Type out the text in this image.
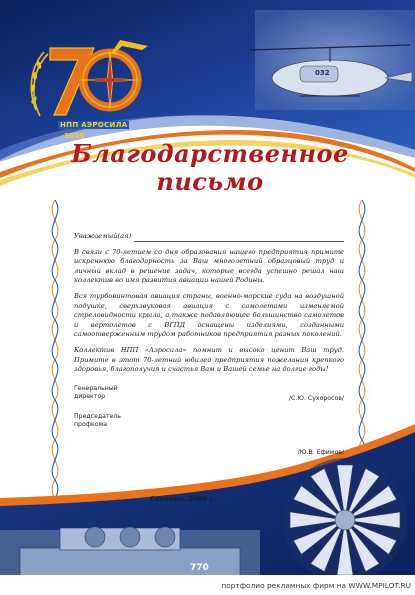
032
770
НПП АЭРОСИЛА
2009
Благодарственное
письмо
Уважаемый(ая)

В связи с 70-летием со дня образования нашего предприятия примите искреннюю благодарность за Ваш многолетний образцовый труд и личный вклад в решение задач, которые всегда успешно решал наш коллектив во имя развития авиации нашей Родины.

Вся турбовинтовая авиация страны, военно-морские суда на воздушной подушке, сверхзвуковая авиация с самолетами изменяемой стреловидности крыла, а также подавляющее большинство самолетов и вертолетов с ВГПД оснащены изделиями, созданными самоотверженным трудом работников предприятия разных поколений.

Коллектив НПП «Аэросила» помнит и высоко ценит Ваш труд. Примите в этот 70-летний юбилей предприятия пожелания крепкого здоровья, благополучия и счастья Вам и Вашей семье на долгие годы!

Генеральный
директор	/С.Ю. Сухоросов/
Председатель
профкома
/Ю.В. Ефимов/
Ступино, 2009 г.
портфолио рекламных фирм на WWW.MPILOT.RU
